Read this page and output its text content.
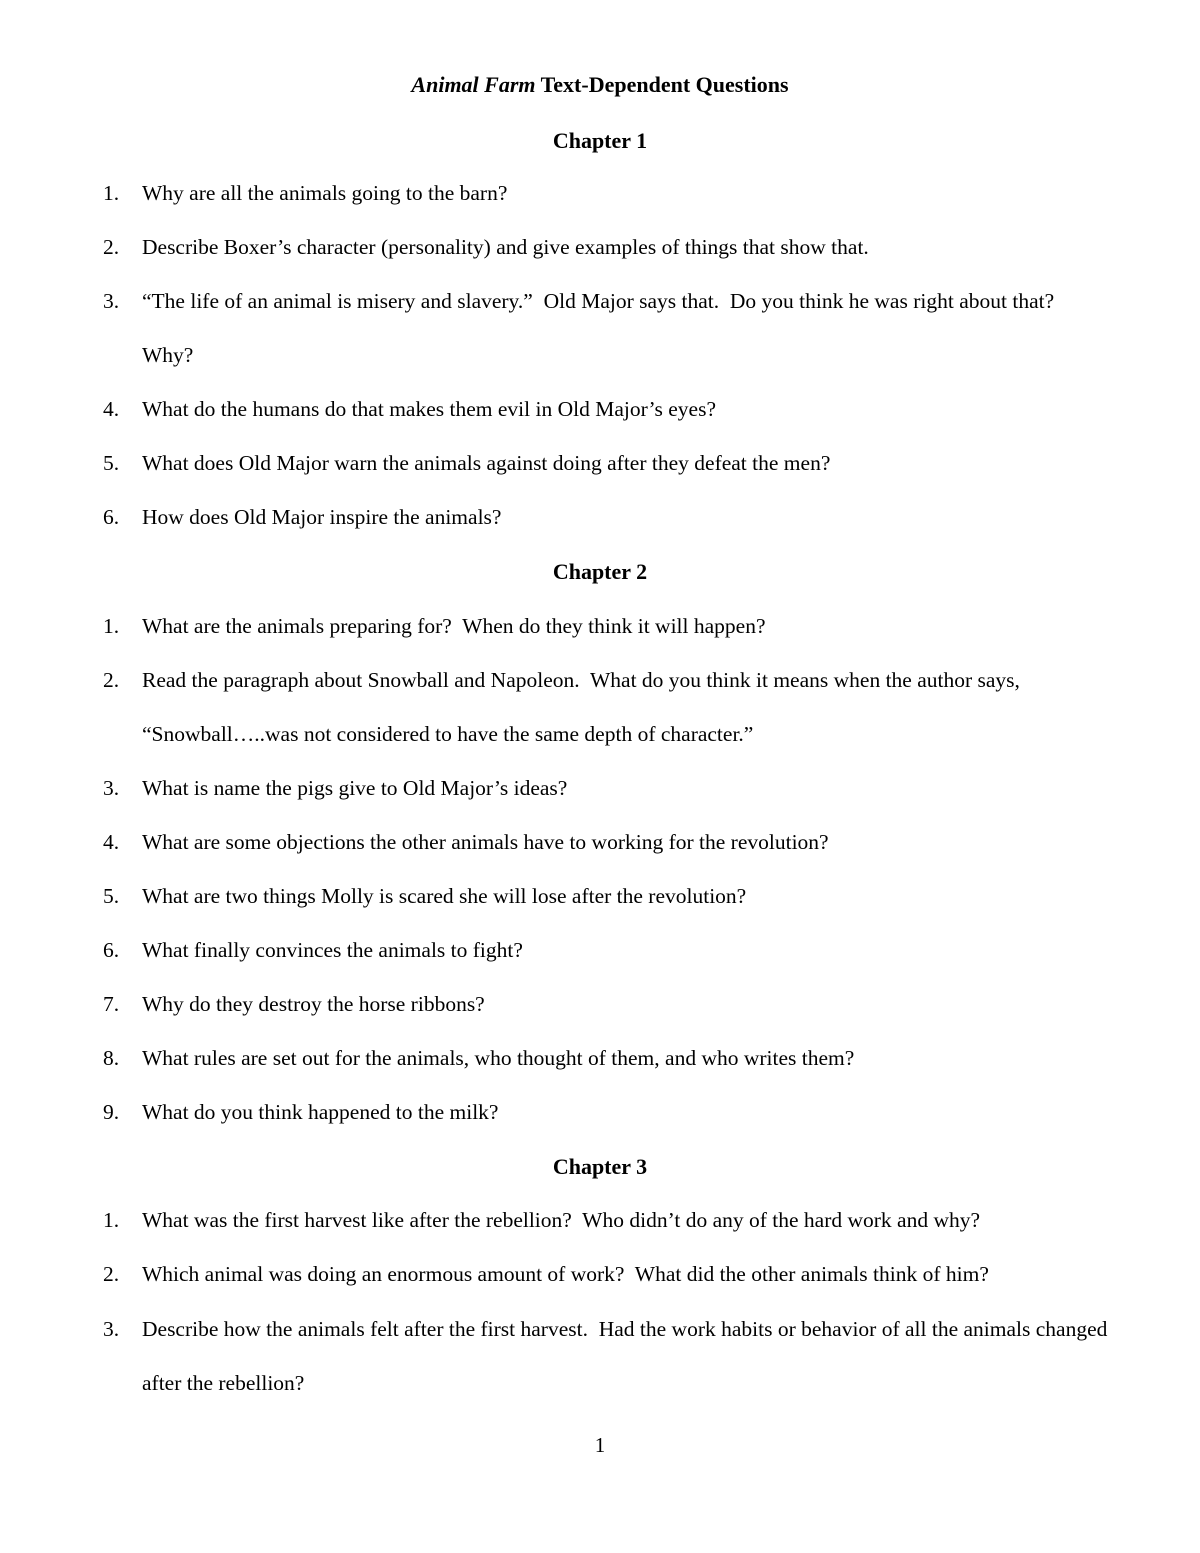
Animal Farm Text-Dependent Questions
Chapter 1
1.	Why are all the animals going to the barn?
2.	Describe Boxer’s character (personality) and give examples of things that show that.
3.	“The life of an animal is misery and slavery.”  Old Major says that.  Do you think he was right about that?  Why?
4.	What do the humans do that makes them evil in Old Major’s eyes?
5.	What does Old Major warn the animals against doing after they defeat the men?
6.	How does Old Major inspire the animals?
Chapter 2
1.	What are the animals preparing for?  When do they think it will happen?
2.	Read the paragraph about Snowball and Napoleon.  What do you think it means when the author says, “Snowball…..was not considered to have the same depth of character.”
3.	What is name the pigs give to Old Major’s ideas?
4.	What are some objections the other animals have to working for the revolution?
5.	What are two things Molly is scared she will lose after the revolution?
6.	What finally convinces the animals to fight?
7.	Why do they destroy the horse ribbons?
8.	What rules are set out for the animals, who thought of them, and who writes them?
9.	What do you think happened to the milk?
Chapter 3
1.	What was the first harvest like after the rebellion?  Who didn’t do any of the hard work and why?
2.	Which animal was doing an enormous amount of work?  What did the other animals think of him?
3.	Describe how the animals felt after the first harvest.  Had the work habits or behavior of all the animals changed after the rebellion?
1
